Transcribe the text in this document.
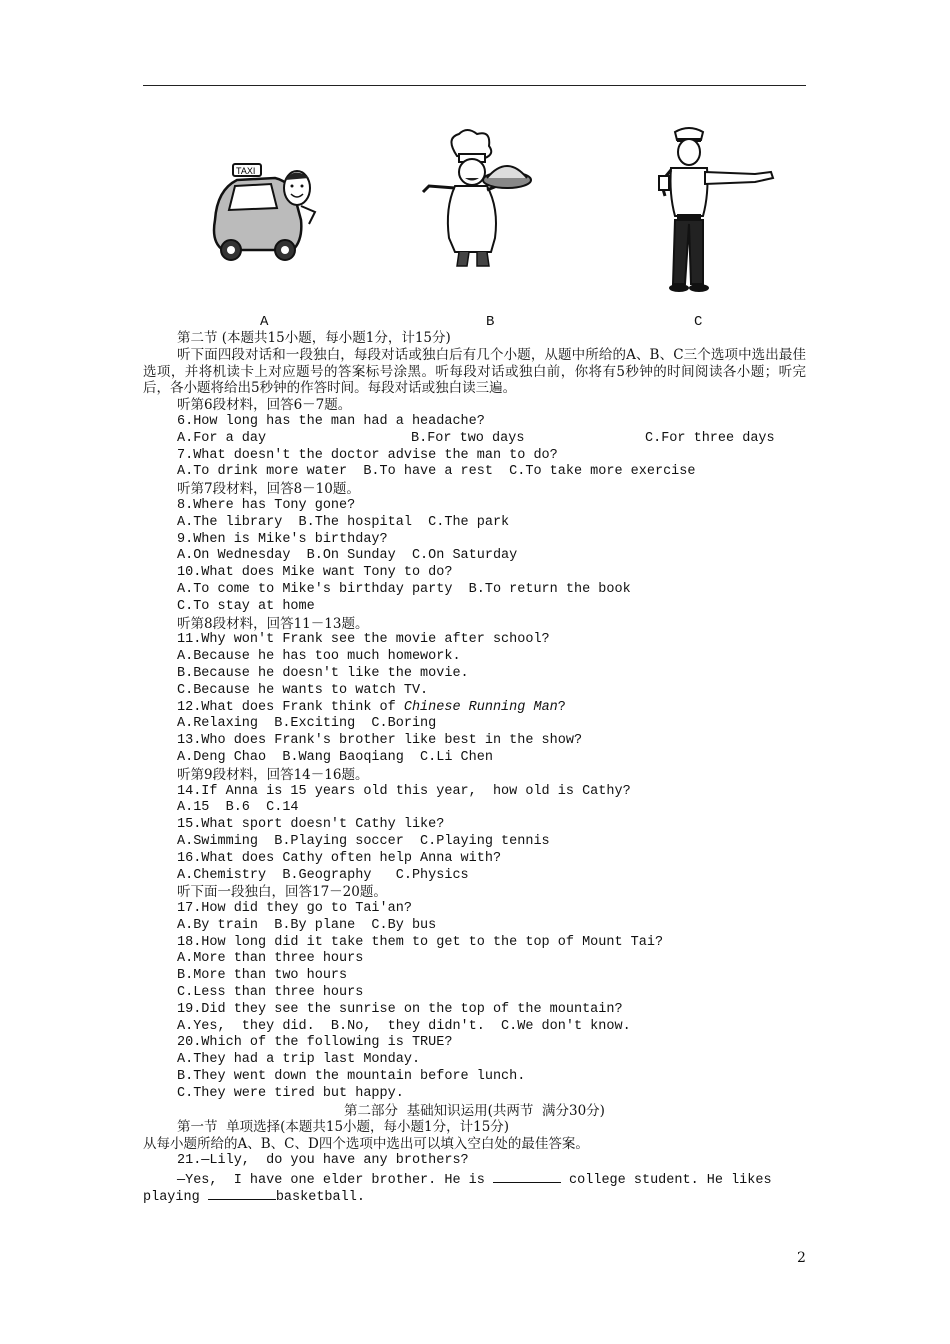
TAXI
A	B	C
第二节 (本题共15小题，每小题1分，计15分)
听下面四段对话和一段独白，每段对话或独白后有几个小题，从题中所给的A、B、C三个选项中选出最佳选项，并将机读卡上对应题号的答案标号涂黑。听每段对话或独白前，你将有5秒钟的时间阅读各小题；听完后，各小题将给出5秒钟的作答时间。每段对话或独白读三遍。
听第6段材料，回答6－7题。
6.How long has the man had a headache?
A.For a day	B.For two days	C.For three days
7.What doesn't the doctor advise the man to do?
A.To drink more water  B.To have a rest  C.To take more exercise
听第7段材料，回答8－10题。
8.Where has Tony gone?
A.The library  B.The hospital  C.The park
9.When is Mike's birthday?
A.On Wednesday  B.On Sunday  C.On Saturday
10.What does Mike want Tony to do?
A.To come to Mike's birthday party  B.To return the book
C.To stay at home
听第8段材料，回答11－13题。
11.Why won't Frank see the movie after school?
A.Because he has too much homework.
B.Because he doesn't like the movie.
C.Because he wants to watch TV.
12.What does Frank think of Chinese Running Man?
A.Relaxing  B.Exciting  C.Boring
13.Who does Frank's brother like best in the show?
A.Deng Chao  B.Wang Baoqiang  C.Li Chen
听第9段材料，回答14－16题。
14.If Anna is 15 years old this year,  how old is Cathy?
A.15  B.6  C.14
15.What sport doesn't Cathy like?
A.Swimming  B.Playing soccer  C.Playing tennis
16.What does Cathy often help Anna with?
A.Chemistry  B.Geography   C.Physics
听下面一段独白，回答17－20题。
17.How did they go to Tai'an?
A.By train  B.By plane  C.By bus
18.How long did it take them to get to the top of Mount Tai?
A.More than three hours
B.More than two hours
C.Less than three hours
19.Did they see the sunrise on the top of the mountain?
A.Yes,  they did.  B.No,  they didn't.  C.We don't know.
20.Which of the following is TRUE?
A.They had a trip last Monday.
B.They went down the mountain before lunch.
C.They were tired but happy.
第二部分  基础知识运用(共两节  满分30分)
第一节  单项选择(本题共15小题，每小题1分，计15分)
从每小题所给的A、B、C、D四个选项中选出可以填入空白处的最佳答案。
21.—Lily,  do you have any brothers?
—Yes,  I have one elder brother. He is	college student. He likes
playing	basketball.
2
